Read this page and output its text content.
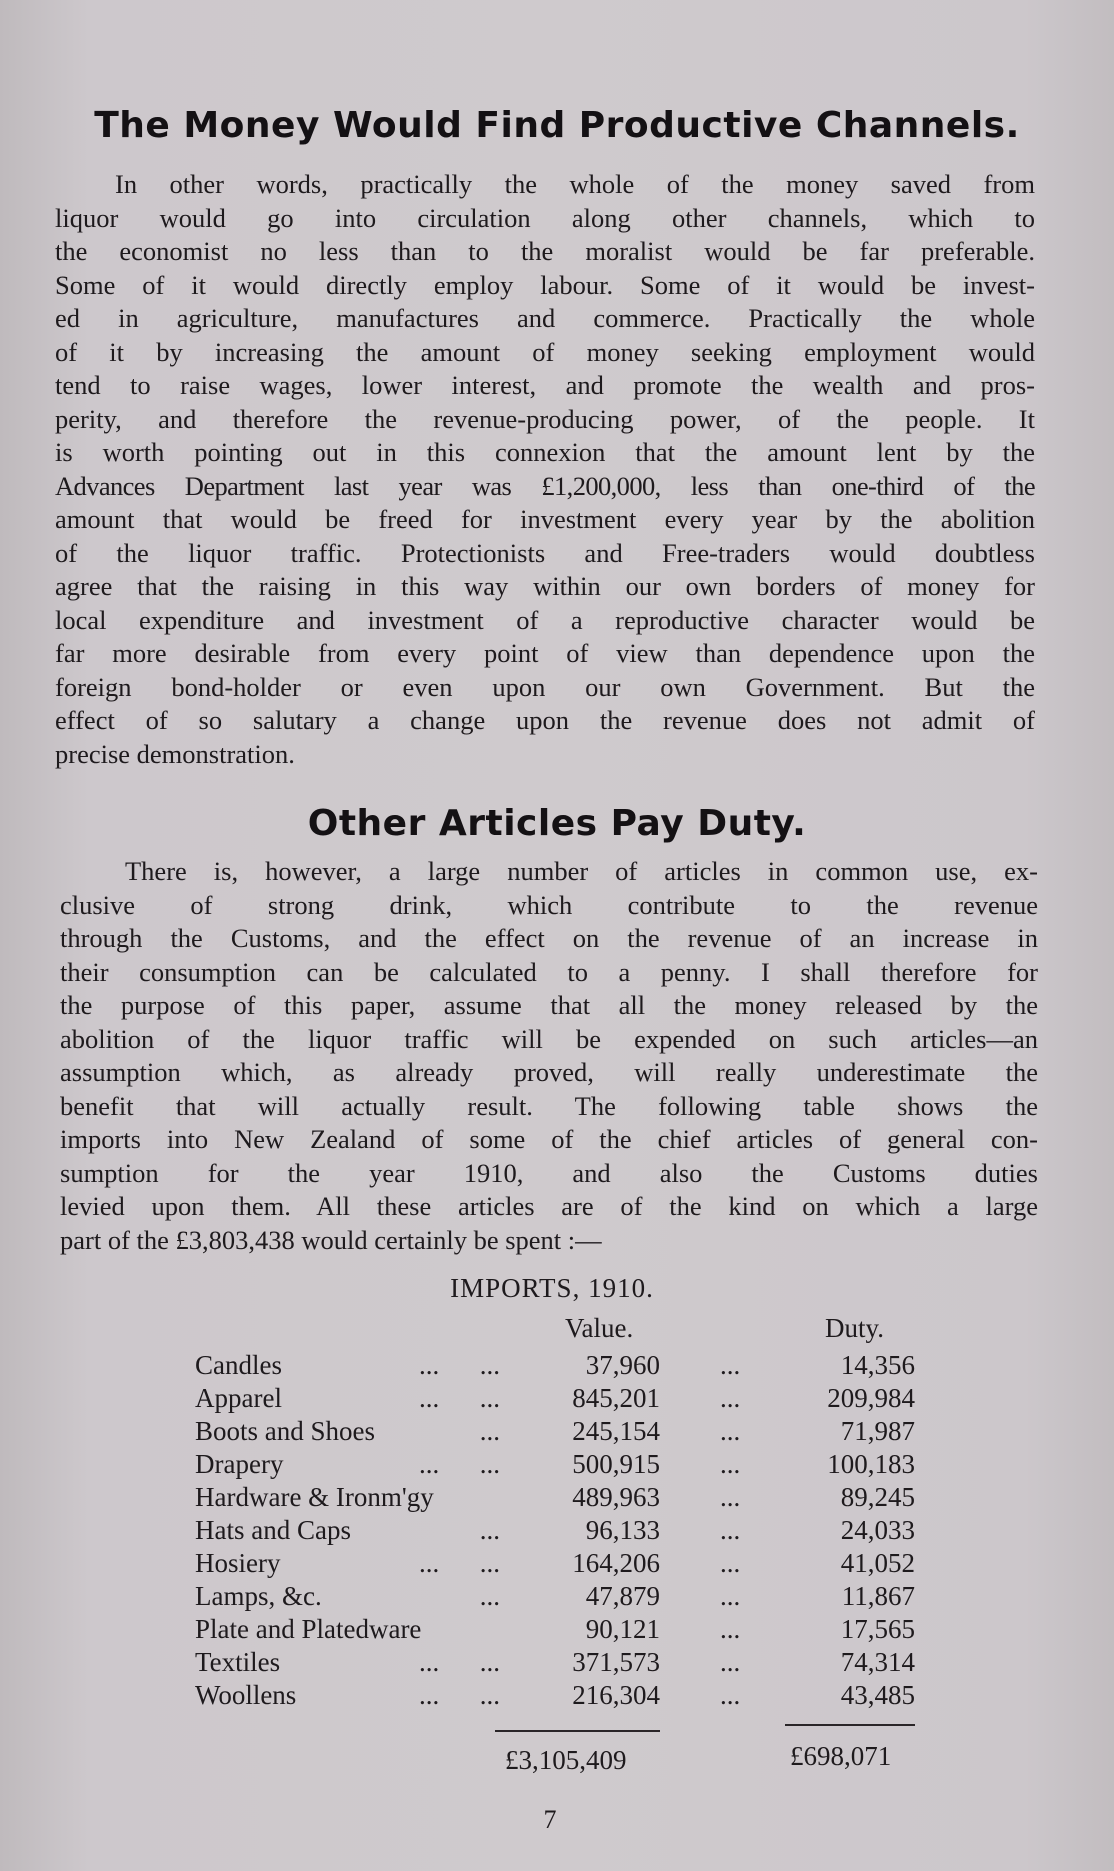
The Money Would Find Productive Channels.
In other words, practically the whole of the money saved from
liquor would go into circulation along other channels, which to
the economist no less than to the moralist would be far preferable.
Some of it would directly employ labour. Some of it would be invest-
ed in agriculture, manufactures and commerce. Practically the whole
of it by increasing the amount of money seeking employment would
tend to raise wages, lower interest, and promote the wealth and pros-
perity, and therefore the revenue-producing power, of the people. It
is worth pointing out in this connexion that the amount lent by the
Advances Department last year was £1,200,000, less than one-third of the
amount that would be freed for investment every year by the abolition
of the liquor traffic. Protectionists and Free-traders would doubtless
agree that the raising in this way within our own borders of money for
local expenditure and investment of a reproductive character would be
far more desirable from every point of view than dependence upon the
foreign bond-holder or even upon our own Government. But the
effect of so salutary a change upon the revenue does not admit of
precise demonstration.
Other Articles Pay Duty.
There is, however, a large number of articles in common use, ex-
clusive of strong drink, which contribute to the revenue
through the Customs, and the effect on the revenue of an increase in
their consumption can be calculated to a penny. I shall therefore for
the purpose of this paper, assume that all the money released by the
abolition of the liquor traffic will be expended on such articles—an
assumption which, as already proved, will really underestimate the
benefit that will actually result. The following table shows the
imports into New Zealand of some of the chief articles of general con-
sumption for the year 1910, and also the Customs duties
levied upon them. All these articles are of the kind on which a large
part of the £3,803,438 would certainly be spent :—
IMPORTS, 1910.
Value.	Duty.
Candles	...      ...	37,960 ...	14,356
Apparel	...      ...	845,201 ...	209,984
Boots and Shoes	...	245,154 ...	71,987
Drapery	...      ...	500,915 ...	100,183
Hardware & Ironm'gy	489,963 ...	89,245
Hats and Caps	...	96,133 ...	24,033
Hosiery	...      ...	164,206 ...	41,052
Lamps, &c.	...	47,879 ...	11,867
Plate and Platedware	90,121 ...	17,565
Textiles	...      ...	371,573 ...	74,314
Woollens	...      ...	216,304 ...	43,485
£3,105,409	£698,071
7
